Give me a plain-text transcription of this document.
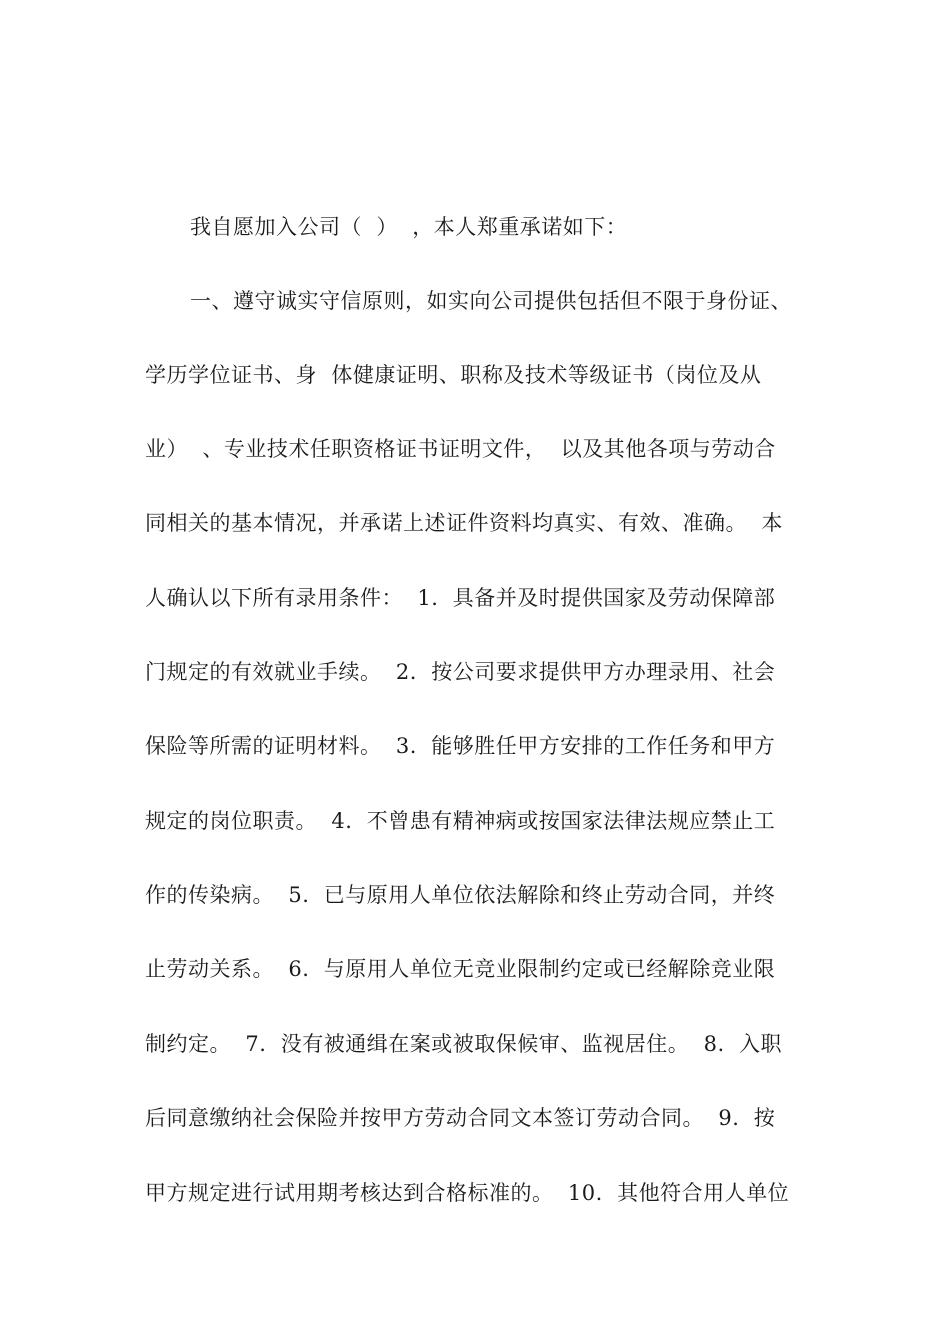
我自愿加入公司（  ）  ，本人郑重承诺如下：
一、遵守诚实守信原则，如实向公司提供包括但不限于身份证、
学历学位证书、身  体健康证明、职称及技术等级证书（岗位及从
业）  、专业技术任职资格证书证明文件，  以及其他各项与劳动合
同相关的基本情况，并承诺上述证件资料均真实、有效、准确。  本
人确认以下所有录用条件：  1.  具备并及时提供国家及劳动保障部
门规定的有效就业手续。  2.  按公司要求提供甲方办理录用、社会
保险等所需的证明材料。  3.  能够胜任甲方安排的工作任务和甲方
规定的岗位职责。  4.  不曾患有精神病或按国家法律法规应禁止工
作的传染病。  5.  已与原用人单位依法解除和终止劳动合同，并终
止劳动关系。  6.  与原用人单位无竞业限制约定或已经解除竞业限
制约定。  7.  没有被通缉在案或被取保候审、监视居住。  8.  入职
后同意缴纳社会保险并按甲方劳动合同文本签订劳动合同。  9.  按
甲方规定进行试用期考核达到合格标准的。  10.  其他符合用人单位
